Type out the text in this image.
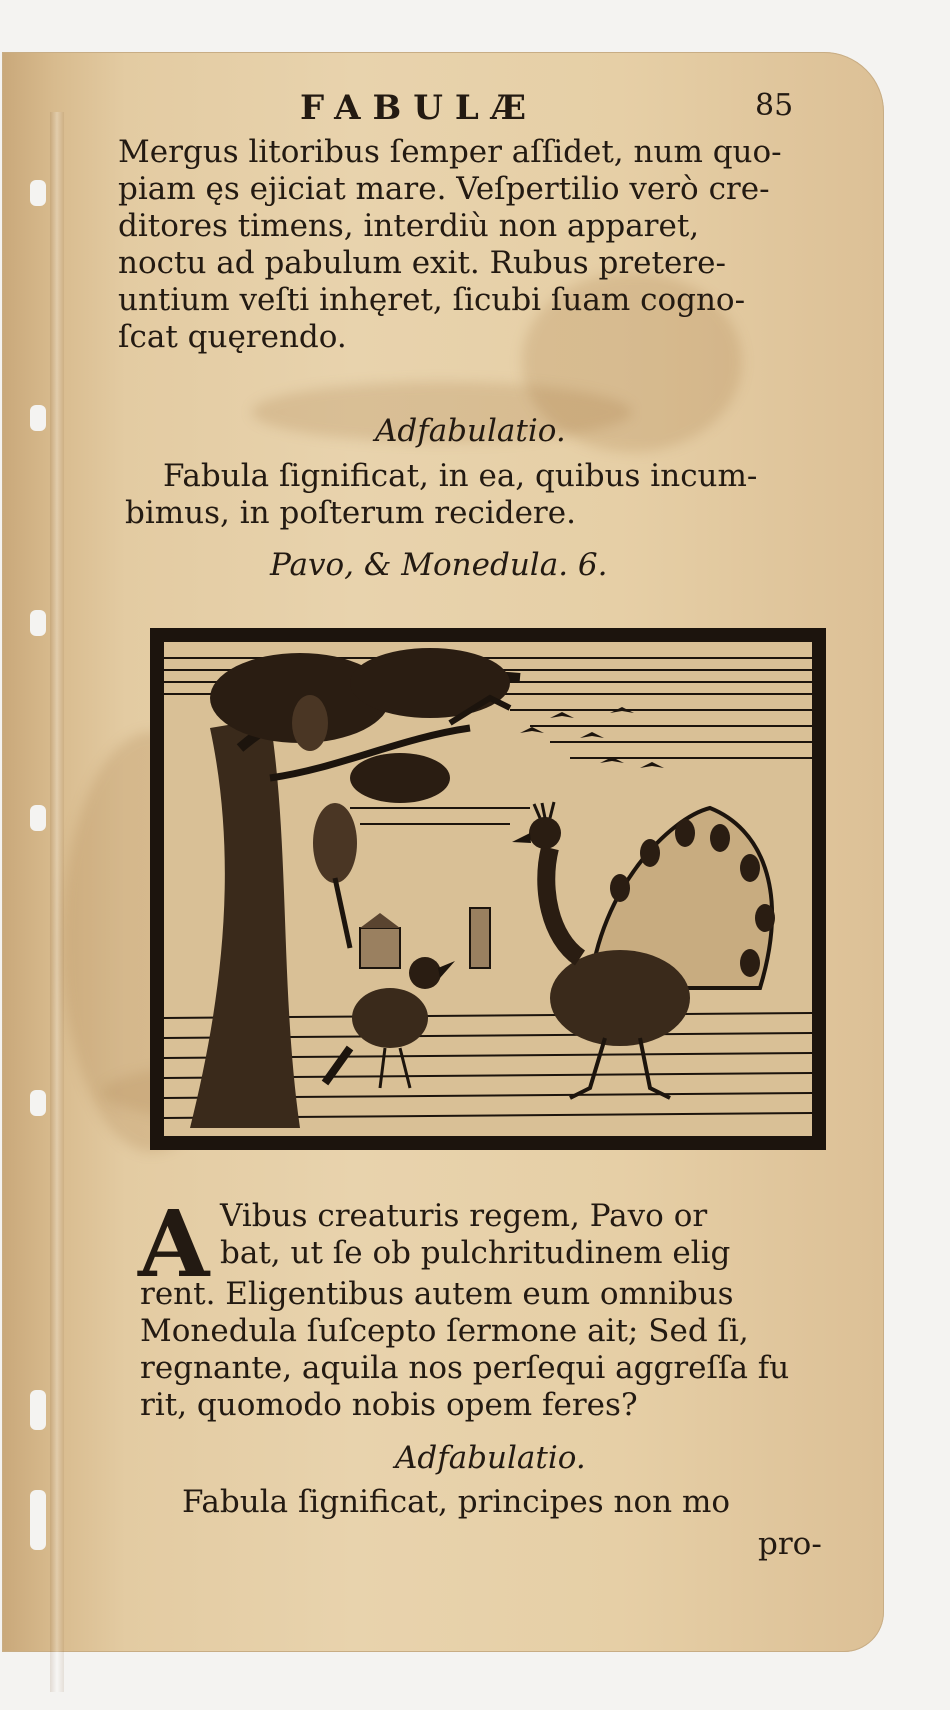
FABULÆ	85
Mergus litoribus ſemper aſſidet, num quo-
piam ęs ejiciat mare. Veſpertilio verò cre-
ditores timens, interdiù non apparet,
noctu ad pabulum exit. Rubus pretere-
untium veſti inhęret, ſicubi ſuam cogno-
ſcat quęrendo.
Adfabulatio.
Fabula ſignificat, in ea, quibus incum-
bimus, in poſterum recidere.
Pavo, & Monedula. 6.
A Vibus creaturis regem, Pavo or
bat, ut ſe ob pulchritudinem elig
rent. Eligentibus autem eum omnibus
Monedula ſuſcepto ſermone ait; Sed ſi,
regnante, aquila nos perſequi aggreſſa fu
rit, quomodo nobis opem feres?
Adfabulatio.
Fabula ſignificat, principes non mo
pro-
